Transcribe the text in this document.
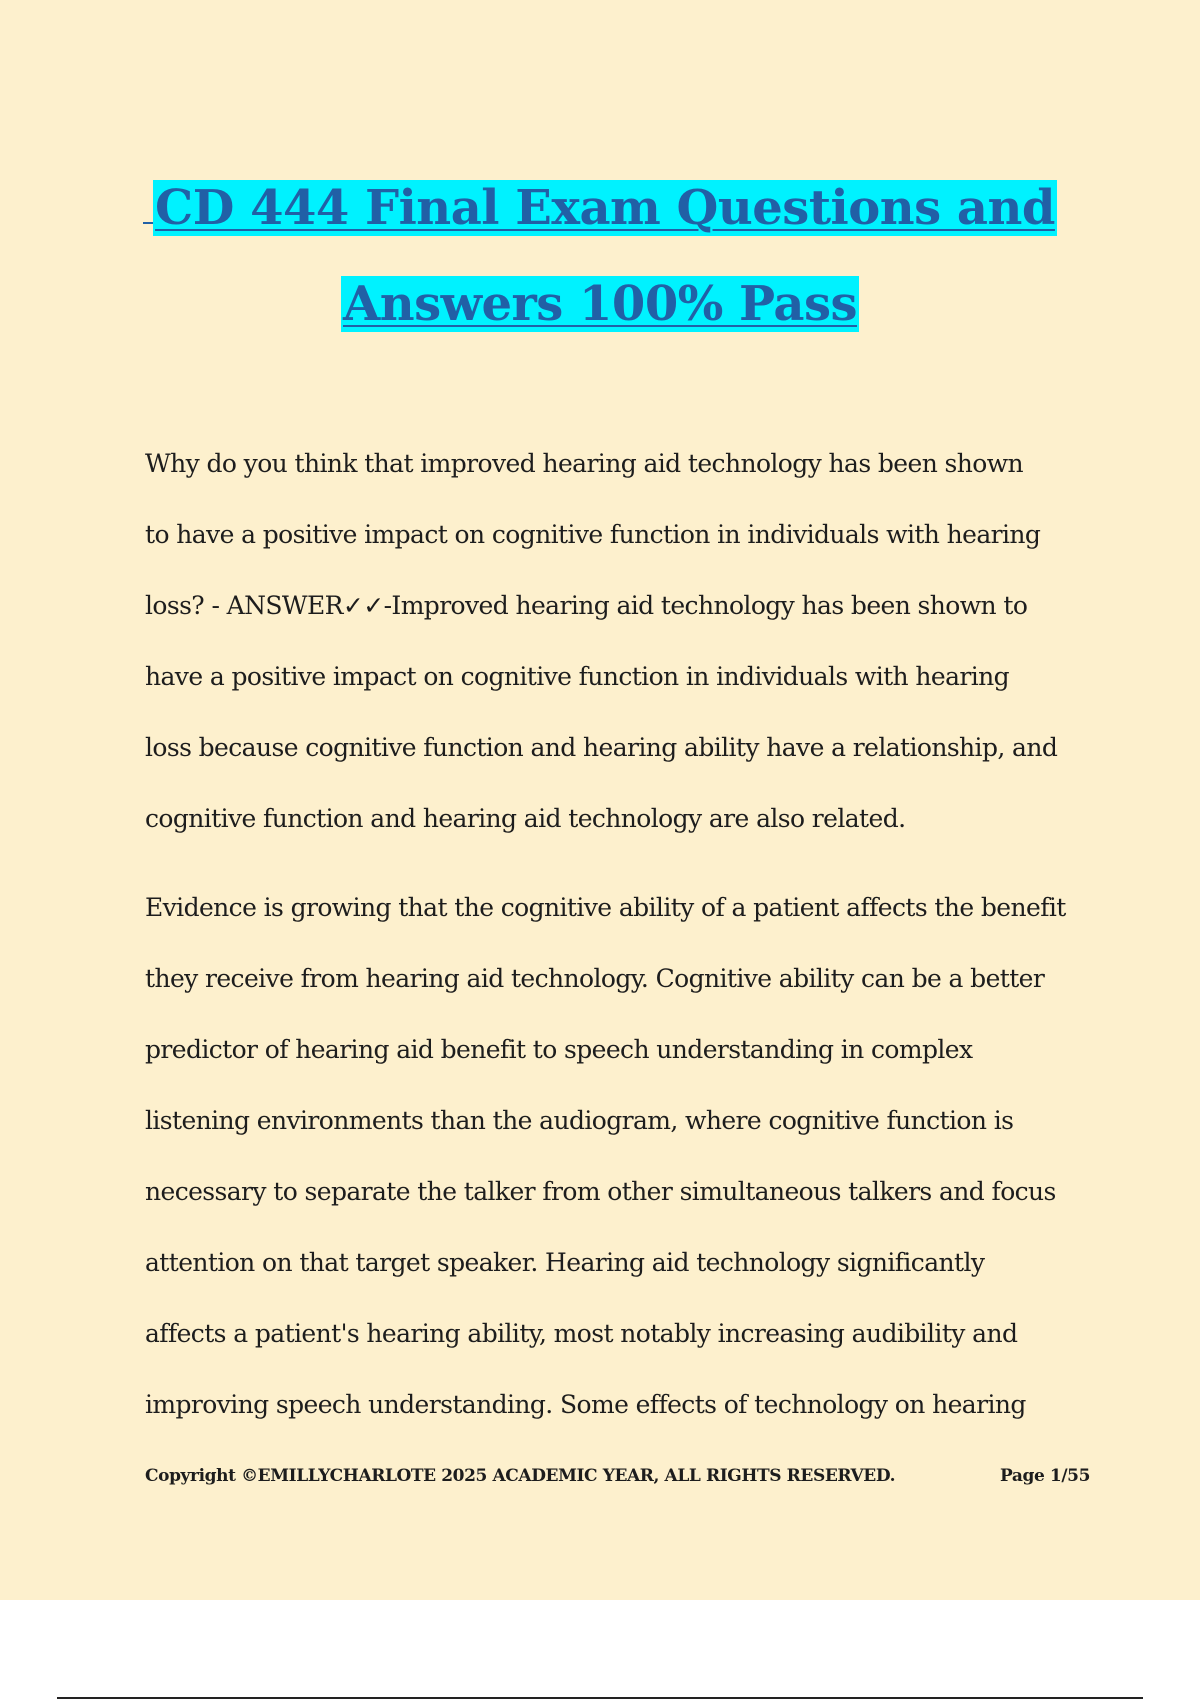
CD 444 Final Exam Questions and
Answers 100% Pass
Why do you think that improved hearing aid technology has been shown
to have a positive impact on cognitive function in individuals with hearing
loss? - ANSWER✓✓-Improved hearing aid technology has been shown to
have a positive impact on cognitive function in individuals with hearing
loss because cognitive function and hearing ability have a relationship, and
cognitive function and hearing aid technology are also related.
Evidence is growing that the cognitive ability of a patient affects the benefit
they receive from hearing aid technology. Cognitive ability can be a better
predictor of hearing aid benefit to speech understanding in complex
listening environments than the audiogram, where cognitive function is
necessary to separate the talker from other simultaneous talkers and focus
attention on that target speaker. Hearing aid technology significantly
affects a patient's hearing ability, most notably increasing audibility and
improving speech understanding. Some effects of technology on hearing
Copyright ©EMILLYCHARLOTE 2025 ACADEMIC YEAR, ALL RIGHTS RESERVED.	Page 1/55
